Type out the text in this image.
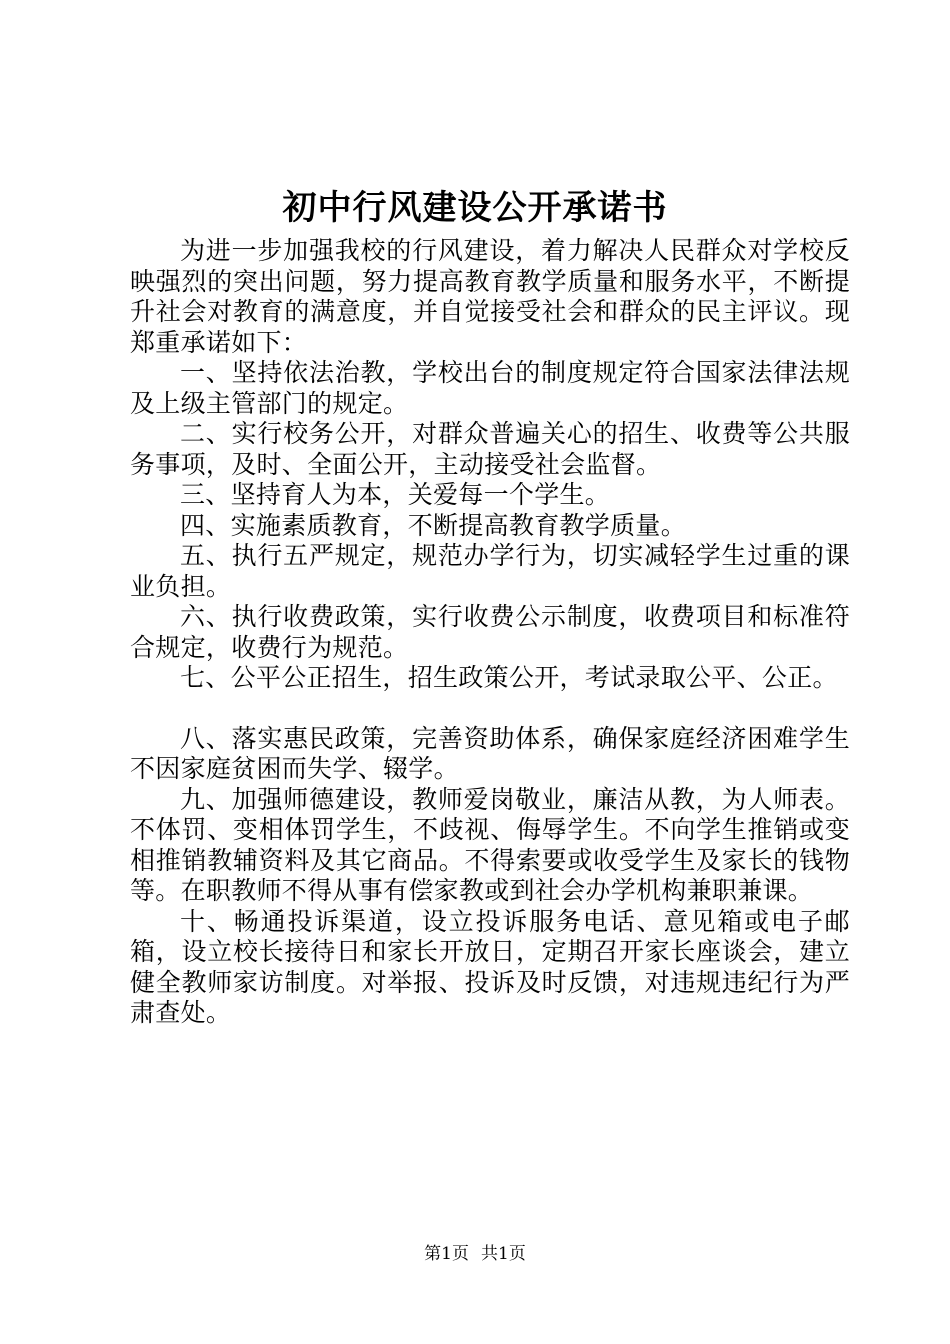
初中行风建设公开承诺书

为进一步加强我校的行风建设，着力解决人民群众对学校反映强烈的突出问题，努力提高教育教学质量和服务水平，不断提升社会对教育的满意度，并自觉接受社会和群众的民主评议。现郑重承诺如下：

一、坚持依法治教，学校出台的制度规定符合国家法律法规及上级主管部门的规定。

二、实行校务公开，对群众普遍关心的招生、收费等公共服务事项，及时、全面公开，主动接受社会监督。

三、坚持育人为本，关爱每一个学生。

四、实施素质教育，不断提高教育教学质量。

五、执行五严规定，规范办学行为，切实减轻学生过重的课业负担。

六、执行收费政策，实行收费公示制度，收费项目和标准符合规定，收费行为规范。

七、公平公正招生，招生政策公开，考试录取公平、公正。

八、落实惠民政策，完善资助体系，确保家庭经济困难学生不因家庭贫困而失学、辍学。

九、加强师德建设，教师爱岗敬业，廉洁从教，为人师表。不体罚、变相体罚学生，不歧视、侮辱学生。不向学生推销或变相推销教辅资料及其它商品。不得索要或收受学生及家长的钱物等。在职教师不得从事有偿家教或到社会办学机构兼职兼课。

十、畅通投诉渠道，设立投诉服务电话、意见箱或电子邮箱，设立校长接待日和家长开放日，定期召开家长座谈会，建立健全教师家访制度。对举报、投诉及时反馈，对违规违纪行为严肃查处。

第1页 共1页
